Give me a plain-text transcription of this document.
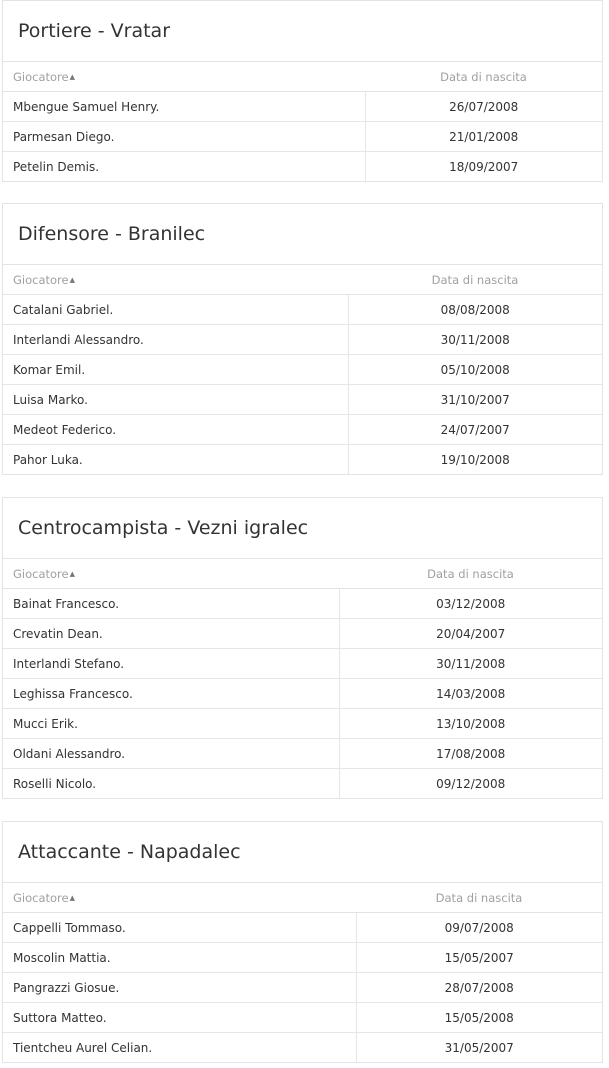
Portiere - Vratar
Giocatore▲	Data di nascita
Mbengue Samuel Henry.	26/07/2008
Parmesan Diego.	21/01/2008
Petelin Demis.	18/09/2007
Difensore - Branilec
Giocatore▲	Data di nascita
Catalani Gabriel.	08/08/2008
Interlandi Alessandro.	30/11/2008
Komar Emil.	05/10/2008
Luisa Marko.	31/10/2007
Medeot Federico.	24/07/2007
Pahor Luka.	19/10/2008
Centrocampista - Vezni igralec
Giocatore▲	Data di nascita
Bainat Francesco.	03/12/2008
Crevatin Dean.	20/04/2007
Interlandi Stefano.	30/11/2008
Leghissa Francesco.	14/03/2008
Mucci Erik.	13/10/2008
Oldani Alessandro.	17/08/2008
Roselli Nicolo.	09/12/2008
Attaccante - Napadalec
Giocatore▲	Data di nascita
Cappelli Tommaso.	09/07/2008
Moscolin Mattia.	15/05/2007
Pangrazzi Giosue.	28/07/2008
Suttora Matteo.	15/05/2008
Tientcheu Aurel Celian.	31/05/2007
